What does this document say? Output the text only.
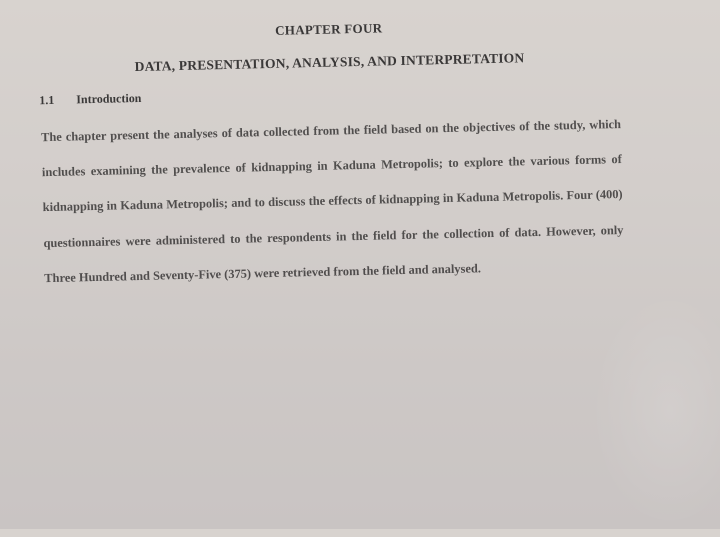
CHAPTER FOUR
DATA, PRESENTATION, ANALYSIS, AND INTERPRETATION
1.1 Introduction
The chapter present the analyses of data collected from the field based on the objectives of the study, which includes examining the prevalence of kidnapping in Kaduna Metropolis; to explore the various forms of kidnapping in Kaduna Metropolis; and to discuss the effects of kidnapping in Kaduna Metropolis. Four (400) questionnaires were administered to the respondents in the field for the collection of data. However, only Three Hundred and Seventy-Five (375) were retrieved from the field and analysed.
